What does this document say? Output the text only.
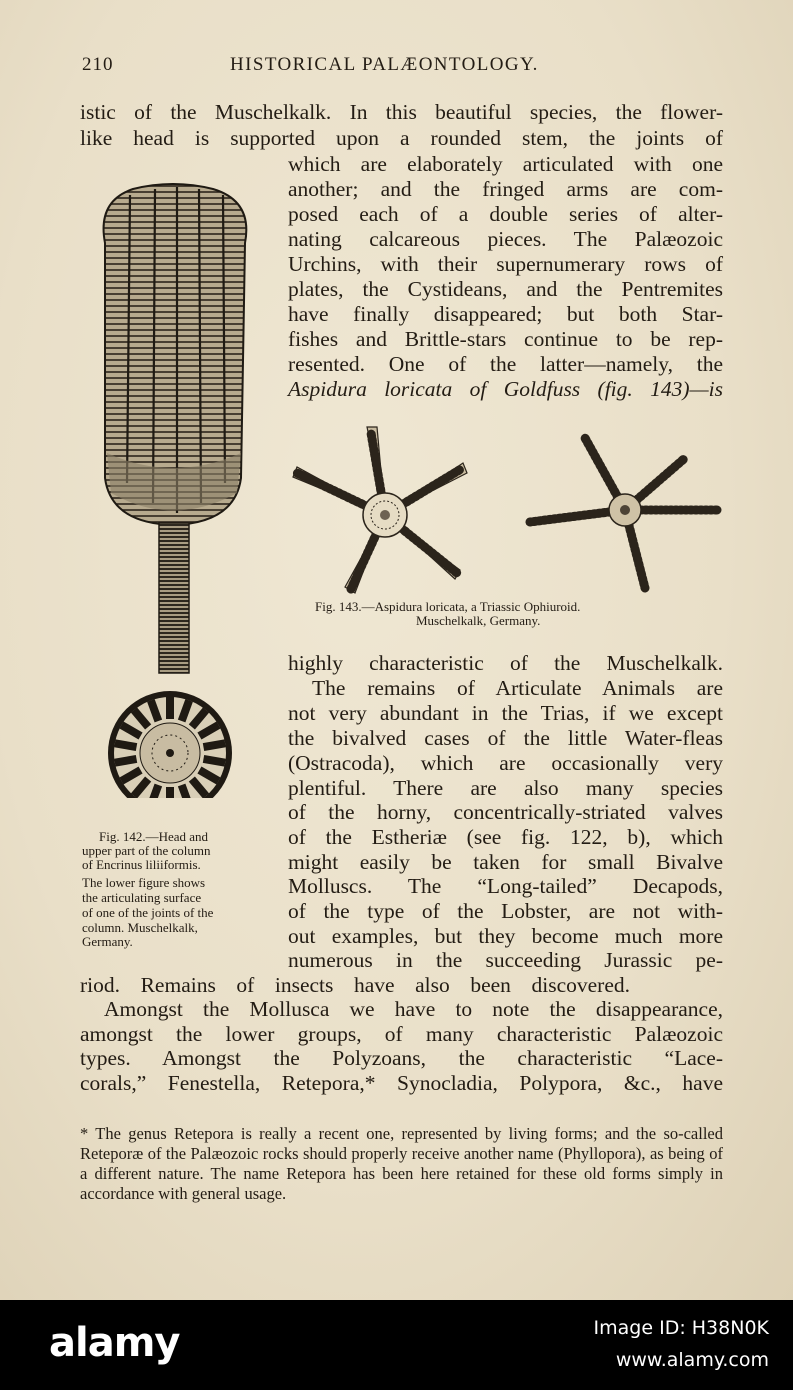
210	HISTORICAL PALÆONTOLOGY.
istic of the Muschelkalk. In this beautiful species, the flower-
like head is supported upon a rounded stem, the joints of
which are elaborately articulated with one
another; and the fringed arms are com-
posed each of a double series of alter-
nating calcareous pieces. The Palæozoic
Urchins, with their supernumerary rows of
plates, the Cystideans, and the Pentremites
have finally disappeared; but both Star-
fishes and Brittle-stars continue to be rep-
resented. One of the latter—namely, the
Aspidura loricata of Goldfuss (fig. 143)—is
Fig. 143.—Aspidura loricata, a Triassic Ophiuroid.
Muschelkalk, Germany.
highly characteristic of the Muschelkalk.
The remains of Articulate Animals are
not very abundant in the Trias, if we except
the bivalved cases of the little Water-fleas
(Ostracoda), which are occasionally very
plentiful. There are also many species
of the horny, concentrically-striated valves
of the Estheriæ (see fig. 122, b), which
might easily be taken for small Bivalve
Molluscs. The “Long-tailed” Decapods,
of the type of the Lobster, are not with-
out examples, but they become much more
numerous in the succeeding Jurassic pe-
Fig. 142.—Head and
upper part of the column
of Encrinus liliiformis.
The lower figure shows
the articulating surface
of one of the joints of the
column. Muschelkalk,
Germany.
riod. Remains of insects have also been discovered.
Amongst the Mollusca we have to note the disappearance,
amongst the lower groups, of many characteristic Palæozoic
types. Amongst the Polyzoans, the characteristic “Lace-
corals,” Fenestella, Retepora,* Synocladia, Polypora, &c., have
* The genus Retepora is really a recent one, represented by living forms; and the so-called Reteporæ of the Palæozoic rocks should properly receive another name (Phyllopora), as being of a different nature. The name Retepora has been here retained for these old forms simply in accordance with general usage.
alamy	Image ID: H38N0K
www.alamy.com
